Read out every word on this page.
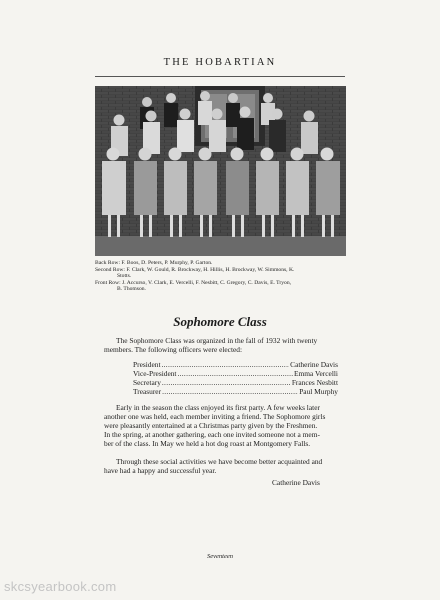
THE HOBARTIAN
Back Row: F. Boos, D. Peters, P. Murphy, P. Garton.
Second Row: F. Clark, W. Gould, R. Brockway, H. Hillis, H. Brockway, W. Simmons, K.
Stotts.
Front Row: J. Accurso, V. Clark, E. Vercelli, F. Nesbitt, C. Gregory, C. Davis, E. Tryon,
B. Thomson.
Sophomore Class
The Sophomore Class was organized in the fall of 1932 with twenty
members. The following officers were elected:
President .....	Catherine Davis
Vice-President .....	Emma Vercelli
Secretary .....	Frances Nesbitt
Treasurer .....	Paul Murphy
Early in the season the class enjoyed its first party. A few weeks later
another one was held, each member inviting a friend. The Sophomore girls
were pleasantly entertained at a Christmas party given by the Freshmen.
In the spring, at another gathering, each one invited someone not a mem-
ber of the class. In May we held a hot dog roast at Montgomery Falls.
Through these social activities we have become better acquainted and
have had a happy and successful year.
Catherine Davis
Seventeen
skcsyearbook.com
